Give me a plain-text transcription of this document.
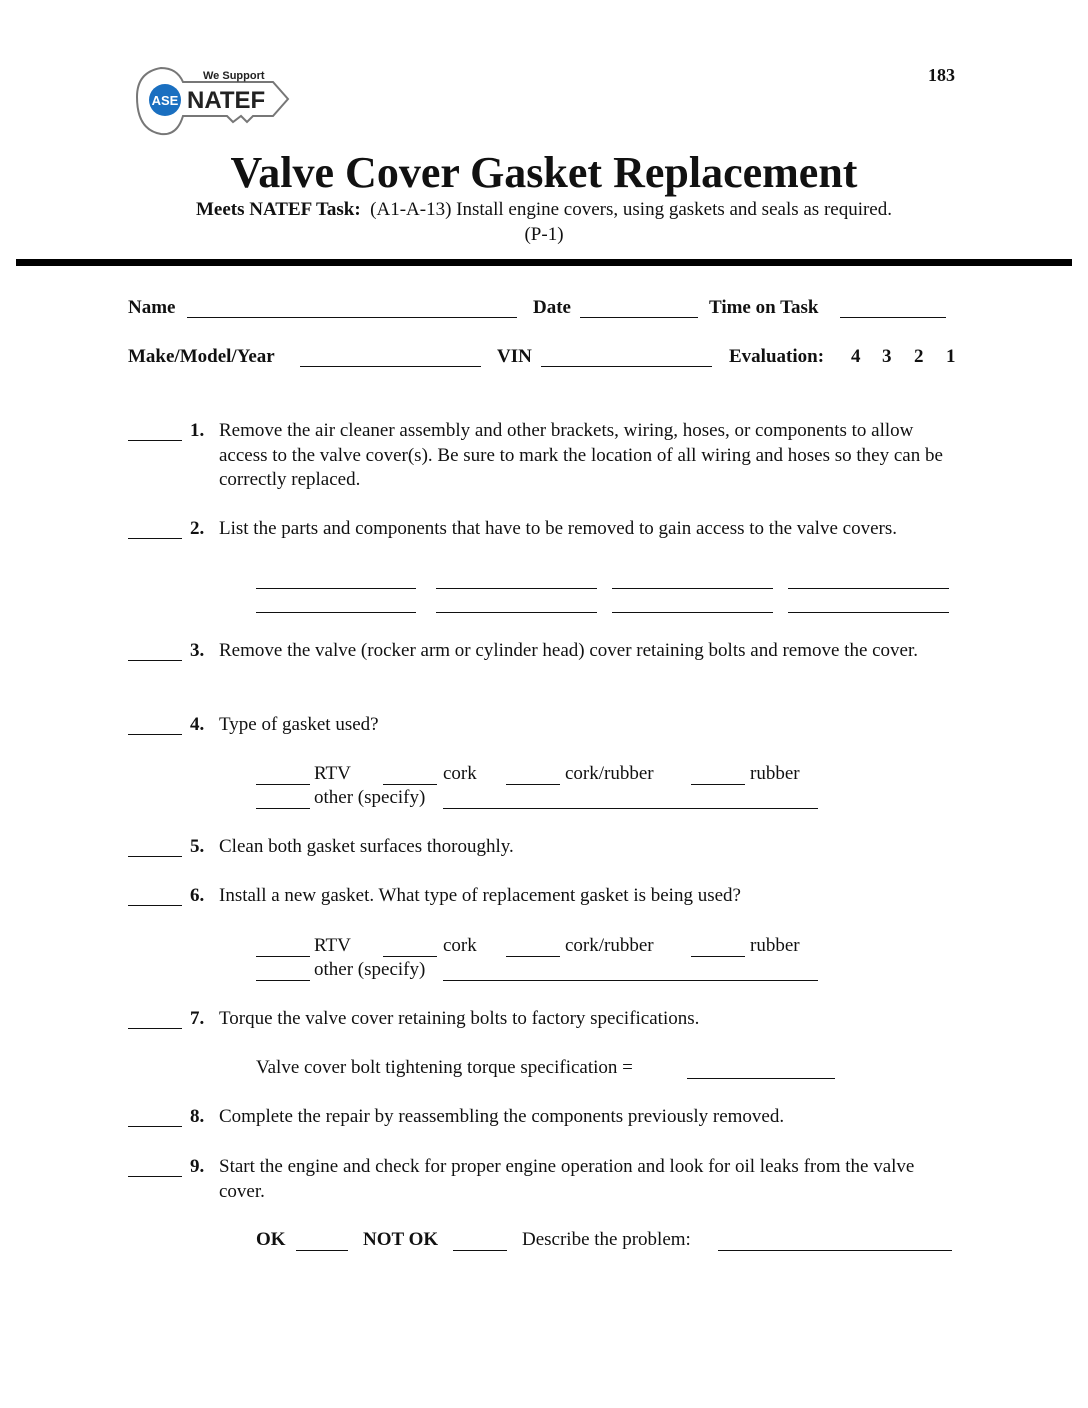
183
ASE
We Support
NATEF
Valve Cover Gasket Replacement
Meets NATEF Task: (A1-A-13) Install engine covers, using gaskets and seals as required.
(P-1)
Name	Date	Time on Task
Make/Model/Year	VIN	Evaluation: 4 3 2 1
1. Remove the air cleaner assembly and other brackets, wiring, hoses, or components to allow access to the valve cover(s). Be sure to mark the location of all wiring and hoses so they can be correctly replaced.
2. List the parts and components that have to be removed to gain access to the valve covers.
3. Remove the valve (rocker arm or cylinder head) cover retaining bolts and remove the cover.
4. Type of gasket used?
5. Clean both gasket surfaces thoroughly.
6. Install a new gasket. What type of replacement gasket is being used?
7. Torque the valve cover retaining bolts to factory specifications.
8. Complete the repair by reassembling the components previously removed.
9. Start the engine and check for proper engine operation and look for oil leaks from the valve cover.
RTV	cork	cork/rubber	rubber
other (specify)
RTV	cork	cork/rubber	rubber
other (specify)
Valve cover bolt tightening torque specification =
OK	NOT OK	Describe the problem:
